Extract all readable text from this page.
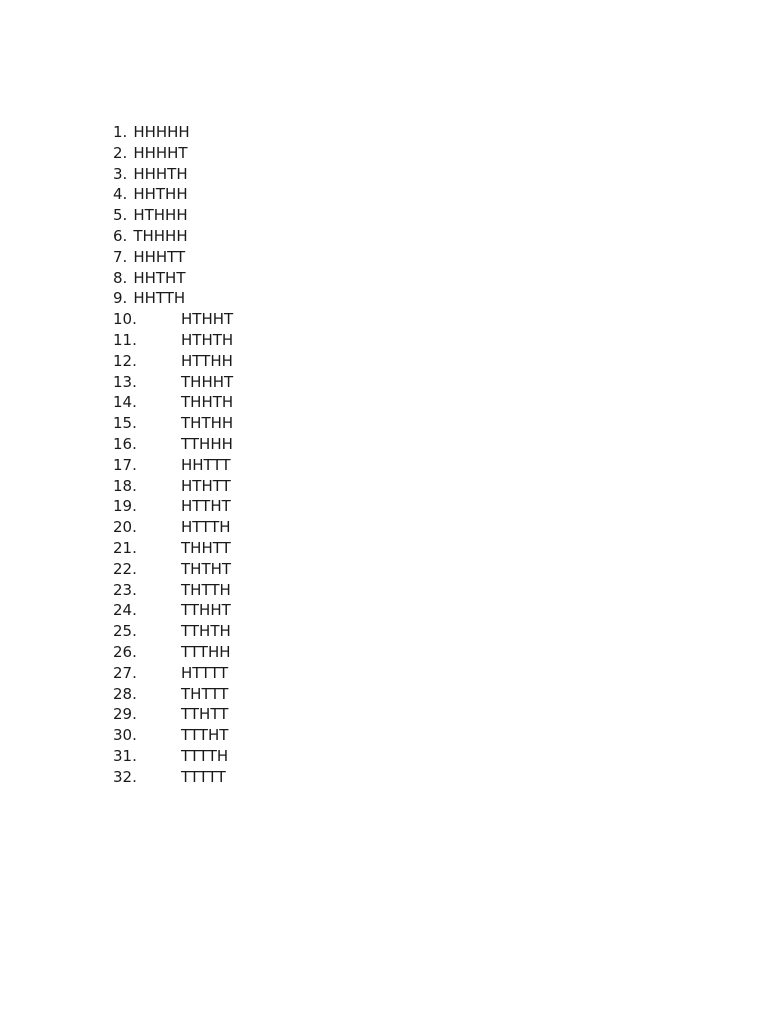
1. HHHHH
2. HHHHT
3. HHHTH
4. HHTHH
5. HTHHH
6. THHHH
7. HHHTT
8. HHTHT
9. HHTTH
10.	HTHHT
11.	HTHTH
12.	HTTHH
13.	THHHT
14.	THHTH
15.	THTHH
16.	TTHHH
17.	HHTTT
18.	HTHTT
19.	HTTHT
20.	HTTTH
21.	THHTT
22.	THTHT
23.	THTTH
24.	TTHHT
25.	TTHTH
26.	TTTHH
27.	HTTTT
28.	THTTT
29.	TTHTT
30.	TTTHT
31.	TTTTH
32.	TTTTT
